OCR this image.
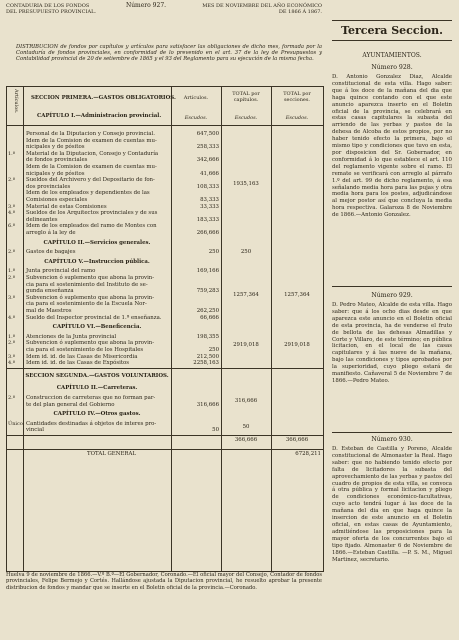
CONTADURIA DE LOS FONDOS
DEL PRESUPUESTO PROVINCIAL.
Número 927.	MES DE NOVIEMBRE DEL AÑO ECONÓMICO
DE 1866 Á 1867.
DISTRIBUCION de fondos por capítulos y artículos para satisfacer las obligaciones de dicho mes, formada por la Contaduría de fondos provinciales, en conformidad de lo prevenido en el art. 37 de la ley de Presupuestos y Contabilidad provincial de 20 de setiembre de 1865 y el 93 del Reglamento para su ejecución de la misma fecha.
Artículos. SECCION PRIMERA.—GASTOS OBLIGATORIOS.	Artículos.
TOTAL por capítulos.
TOTAL por secciones.
CAPÍTULO I.—Administracion provincial.	Escudos.	Escudos.	Escudos.
Personal de la Diputacion y Consejo provincial.	647,500
Idem de la Comision de examen de cuentas mu-
nicipales y de pósitos	258,333
1.º	Material de la Diputacion, Consejo y Contaduría
de fondos provinciales	342,666
Idem de la Comision de examen de cuentas mu-
nicipales y de pósitos	41,666
2.º	Sueldos del Archivero y del Depositario de fon-
dos provinciales	108,333
Idem de los empleados y dependientes de las
Comisiones especiales	83,333
3.º	Material de estas Comisiones	33,333
4.º	Sueldos de los Arquitectos provinciales y de sus
delineantes	183,333
6.º	Idem de los empleados del ramo de Montes con
arreglo á la ley de	266,666
1935,163
CAPÍTULO II.—Servicios generales.
2.º	Gastos de bagajes	250	250
CAPÍTULO V.—Instruccion pública.
1.º	Junta provincial del ramo	169,166
2.º	Subvencion ó suplemento que abona la provin-
cia para el sostenimiento del Instituto de se-
gunda enseñanza	759,283
3.º	Subvencion ó suplemento que abona la provin-
cia para el sostenimiento de la Escuela Nor-
mal de Maestros	262,250
4.º	Sueldo del Inspector provincial de 1.ª enseñanza.	66,666
1257,364	1257,364
CAPÍTULO VI.—Beneficencia.
1.º	Atenciones de la Junta provincial	198,355
2.º	Subvencion ó suplemento que abona la provin-
cia para el sostenimiento de los Hospitales	250
3.º	Idem id. id. de las Casas de Misericordia	212,500
4.º	Idem id. id. de las Casas de Expósitos	2258,163
2919,018	2919,018
SECCION SEGUNDA.—GASTOS VOLUNTARIOS.
CAPÍTULO II.—Carreteras.
2.º	Construccion de carreteras que no forman par-
te del plan general del Gobierno	316,666
316,666
CAPÍTULO IV.—Otros gastos.
Único. Cantidades destinadas á objetos de interes pro-
vincial	50
50
366,666	366,666
TOTAL GENERAL	6728,211
Huelva 9 de noviembre de 1866.—V.º B.º—El Gobernador, Coronado.—El oficial mayor del Consejo, Contador de fondos provinciales, Felipe Bermejo y Cortés. Hallándose ajustada la Diputacion provincial, he resuelto aprobar la presente distribucion de fondos y mandar que se inserte en el Boletin oficial de la provincia.—Coronado.
Tercera Seccion.
AYUNTAMIENTOS.
Número 928.
D. Antonio Gonzalez Diaz, Alcalde constitucional de esta villa. Hago saber: que á los doce de la mañana del dia que haga quince contando con el que este anuncio aparezca inserto en el Boletin oficial de la provincia, se celebrará en estas casas capitulares la subasta del arriendo de las yerbas y pastos de la dehesa de Alcoba de estos propios, por no haber tenido efecto la primera, bajo el mismo tipo y condiciones que tuvo en esta, por disposicion del Sr. Gobernador, en conformidad á lo que establece el art. 110 del reglamento vigente sobre el ramo. El remate se verificará con arreglo al párrafo 1.º del art. 99 de dicho reglamento, á esa señalando media hora para las pujas y otra media hora para los postes, adjudicándose al mejor postor así que concluya la media hora respectiva. Galaroza 8 de Noviembre de 1866.—Antonio Gonzalez.
Número 929.
D. Pedro Mateo, Alcalde de esta villa. Hago saber: que á los ocho dias desde en que aparezca este anuncio en el Boletin oficial de esta provincia, ha de venderse el fruto de bellota de las dehesas Almadillas y Corte y Villaro, de este término; en pública licitacion, en el local de las casas capitulares y á las nueve de la mañana, bajo las condiciones y tipos aprobados por la superioridad, cuyo pliego estará de manifiesto. Cañaveral 5 de Noviembre 7 de 1866.—Pedro Mateo.
Número 930.
D. Esteban de Castilla y Poreno, Alcalde constitucional de Almonaster la Real. Hago saber: que no habiendo tenido efecto por falta de licitadores la subasta del aprovechamiento de las yerbas y pastos del cuadro de propios de esta villa, se convoca á otra pública y formal licitacion y pliego de condiciones económico-facultativas, cuyo acto tendrá lugar á las doce de la mañana del dia en que haga quince la insercion de este anuncio en el Boletin oficial, en estas casas de Ayuntamiento, admitiéndose las proposiciones para la mayor oferta de los concurrentes bajo el tipo fijado. Almonaster 6 de Noviembre de 1866.—Esteban Castilla. —P. S. M., Miguel Martinez, secretario.
